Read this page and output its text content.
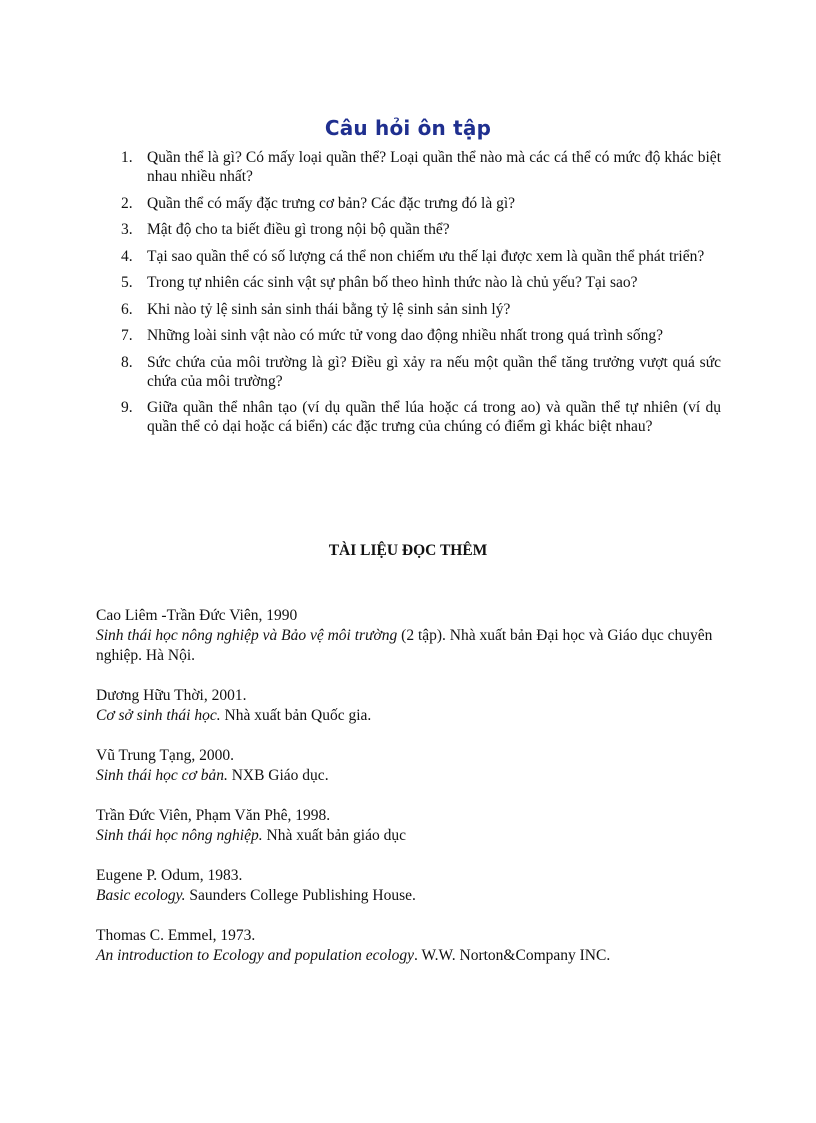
Câu hỏi ôn tập
1. Quần thể là gì? Có mấy loại quần thể? Loại quần thể nào mà các cá thể có mức độ khác biệt nhau nhiều nhất?
2. Quần thể có mấy đặc trưng cơ bản? Các đặc trưng đó là gì?
3. Mật độ cho ta biết điều gì trong nội bộ quần thể?
4. Tại sao quần thể có số lượng cá thể non chiếm ưu thế lại được xem là quần thể phát triển?
5. Trong tự nhiên các sinh vật sự phân bố theo hình thức nào là chủ yếu? Tại sao?
6. Khi nào tỷ lệ sinh sản sinh thái bằng tỷ lệ sinh sản sinh lý?
7. Những loài sinh vật nào có mức tử vong dao động nhiều nhất trong quá trình sống?
8. Sức chứa của môi trường là gì? Điều gì xảy ra nếu một quần thể tăng trưởng vượt quá sức chứa của môi trường?
9. Giữa quần thể nhân tạo (ví dụ quần thể lúa hoặc cá trong ao) và quần thể tự nhiên (ví dụ quần thể cỏ dại hoặc cá biển) các đặc trưng của chúng có điểm gì khác biệt nhau?
TÀI LIỆU ĐỌC THÊM
Cao Liêm -Trần Đức Viên, 1990
Sinh thái học nông nghiệp và Bảo vệ môi trường (2 tập). Nhà xuất bản Đại học và Giáo dục chuyên nghiệp. Hà Nội.
Dương Hữu Thời, 2001.
Cơ sở sinh thái học. Nhà xuất bản Quốc gia.
Vũ Trung Tạng, 2000.
Sinh thái học cơ bản. NXB Giáo dục.
Trần Đức Viên, Phạm Văn Phê, 1998.
Sinh thái học nông nghiệp. Nhà xuất bản giáo dục
Eugene P. Odum, 1983.
Basic ecology. Saunders College Publishing House.
Thomas C. Emmel, 1973.
An introduction to Ecology and population ecology. W.W. Norton&Company INC.
